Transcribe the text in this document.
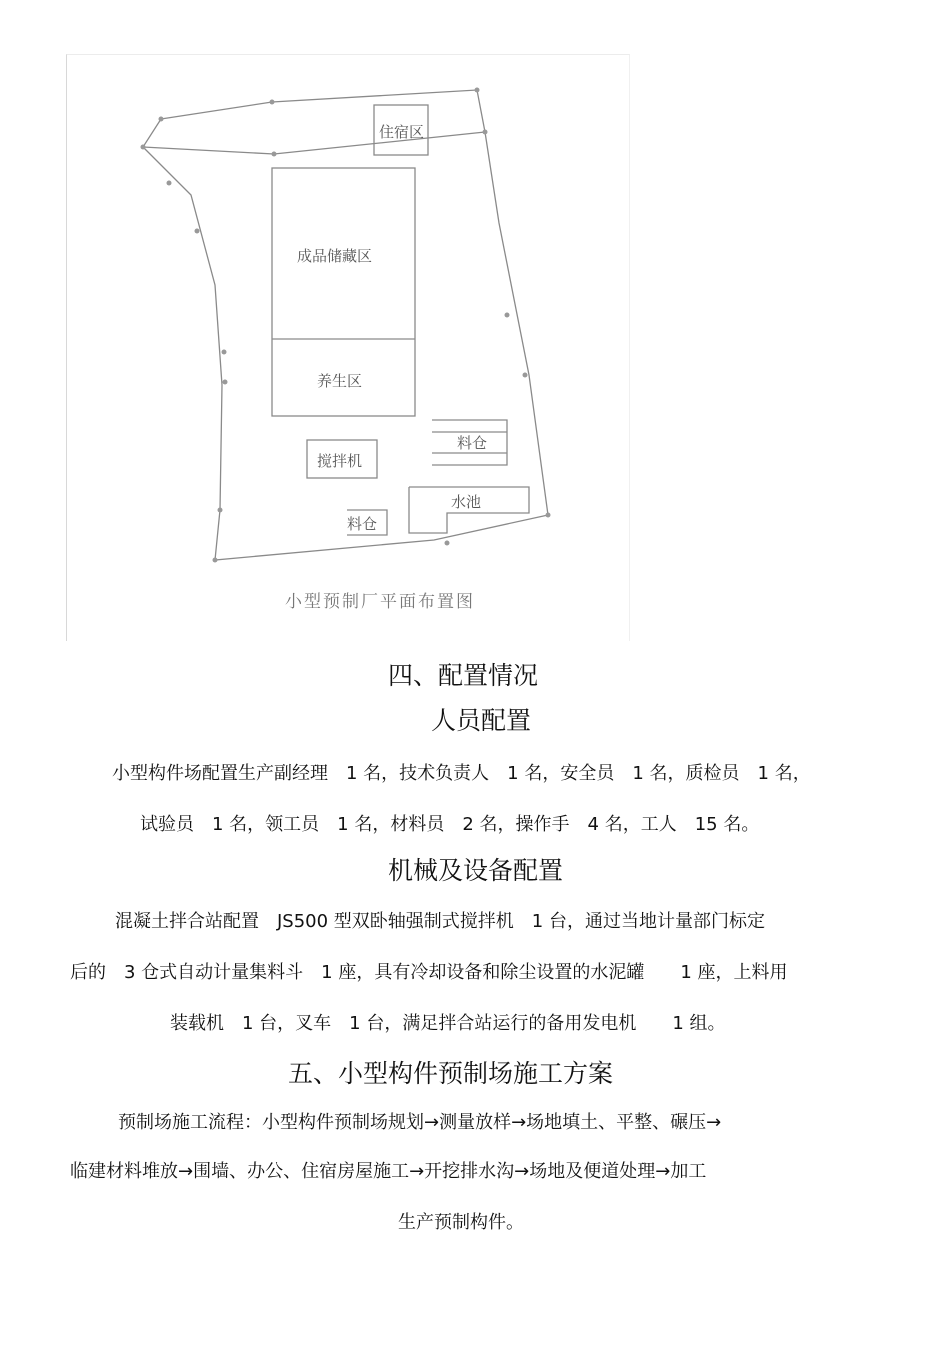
住宿区
成品储藏区
养生区
搅拌机
料仓
水池
料仓
小型预制厂平面布置图
四、配置情况
人员配置
小型构件场配置生产副经理　1 名，技术负责人　1 名，安全员　1 名，质检员　1 名，
试验员　1 名，领工员　1 名，材料员　2 名，操作手　4 名，工人　15 名。
机械及设备配置
混凝土拌合站配置　JS500 型双卧轴强制式搅拌机　1 台，通过当地计量部门标定
后的　3 仓式自动计量集料斗　1 座，具有冷却设备和除尘设置的水泥罐　　1 座，上料用
装载机　1 台，叉车　1 台，满足拌合站运行的备用发电机　　1 组。
五、小型构件预制场施工方案
预制场施工流程：小型构件预制场规划→测量放样→场地填土、平整、碾压→
临建材料堆放→围墙、办公、住宿房屋施工→开挖排水沟→场地及便道处理→加工
生产预制构件。
